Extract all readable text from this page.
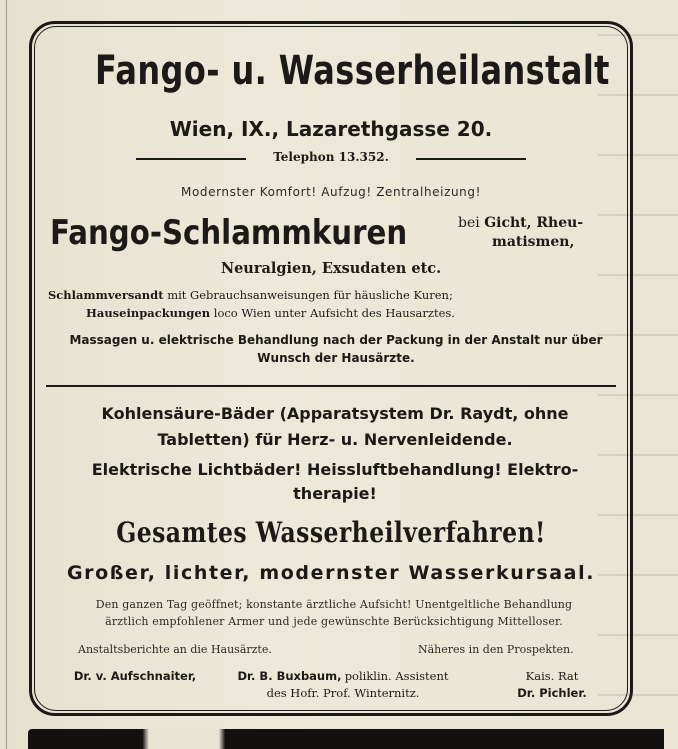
Fango- u. Wasserheilanstalt
Wien, IX., Lazarethgasse 20.
Telephon 13.352.
Modernster Komfort! Aufzug! Zentralheizung!
Fango-Schlammkuren	bei Gicht, Rheu-
matismen,
Neuralgien, Exsudaten etc.
Schlammversandt mit Gebrauchsanweisungen für häusliche Kuren;
Hauseinpackungen loco Wien unter Aufsicht des Hausarztes.
Massagen u. elektrische Behandlung nach der Packung in der Anstalt nur über
Wunsch der Hausärzte.
Kohlensäure-Bäder (Apparatsystem Dr. Raydt, ohne
Tabletten) für Herz- u. Nervenleidende.
Elektrische Lichtbäder! Heissluftbehandlung! Elektro-
therapie!
Gesamtes Wasserheilverfahren!
Großer, lichter, modernster Wasserkursaal.
Den ganzen Tag geöffnet; konstante ärztliche Aufsicht! Unentgeltliche Behandlung
ärztlich empfohlener Armer und jede gewünschte Berücksichtigung Mittelloser.
Anstaltsberichte an die Hausärzte.	Näheres in den Prospekten.
Dr. v. Aufschnaiter,	Dr. B. Buxbaum, poliklin. Assistent
des Hofr. Prof. Winternitz.
Kais. Rat
Dr. Pichler.
